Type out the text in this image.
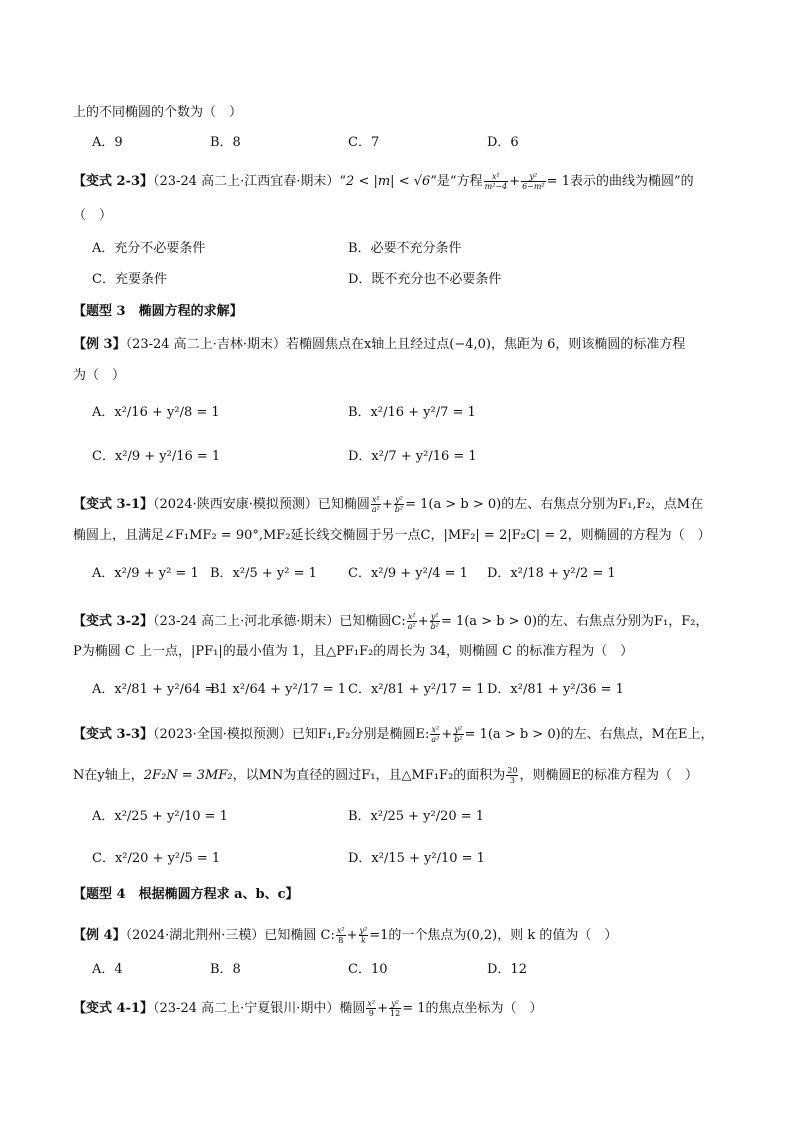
上的不同椭圆的个数为（　）
A．9	B．8	C．7	D．6
【变式 2-3】（23-24 高二上·江西宜春·期末）“2 < |m| < √6”是“方程 $\frac{\text{x²}}{\text{m²−4}} + \frac{\text{y²}}{\text{6−m²}} = 1$表示的曲线为椭圆”的
（　）
A．充分不必要条件	B．必要不充分条件
C．充要条件	D．既不充分也不必要条件
【题型 3　椭圆方程的求解】
【例 3】（23-24 高二上·吉林·期末）若椭圆焦点在x轴上且经过点(−4,0)，焦距为 6，则该椭圆的标准方程
为（　）
A．x²/16 + y²/8 = 1	B．x²/16 + y²/7 = 1
C．x²/9 + y²/16 = 1	D．x²/7 + y²/16 = 1
【变式 3-1】（2024·陕西安康·模拟预测）已知椭圆 $\frac{\text{x²}}{\text{a²}} + \frac{\text{y²}}{\text{b²}} = 1(a > b > 0)$的左、右焦点分别为F₁,F₂，点M在
椭圆上，且满足∠F₁MF₂ = 90°,MF₂延长线交椭圆于另一点C，|MF₂| = 2|F₂C| = 2，则椭圆的方程为（　）
A．x²/9 + y² = 1 B．x²/5 + y² = 1 C．x²/9 + y²/4 = 1 D．x²/18 + y²/2 = 1
【变式 3-2】（23-24 高二上·河北承德·期末）已知椭圆C: $\frac{\text{x²}}{\text{a²}} + \frac{\text{y²}}{\text{b²}} = 1(a > b > 0)$的左、右焦点分别为F₁，F₂，
P为椭圆 C 上一点，|PF₁|的最小值为 1，且△PF₁F₂的周长为 34，则椭圆 C 的标准方程为（　）
A．x²/81 + y²/64 = 1
B．x²/64 + y²/17 = 1 C．x²/81 + y²/17 = 1 D．x²/81 + y²/36 = 1
【变式 3-3】（2023·全国·模拟预测）已知F₁,F₂分别是椭圆E: $\frac{\text{x²}}{\text{a²}} + \frac{\text{y²}}{\text{b²}} = 1(a > b > 0)$的左、右焦点，M在E上，
N在y轴上，2F₂N = 3MF₂，以MN为直径的圆过F₁，且△MF₁F₂的面积为 $\frac{20}{3}$ ，则椭圆E的标准方程为（　）
A．x²/25 + y²/10 = 1	B．x²/25 + y²/20 = 1
C．x²/20 + y²/5 = 1	D．x²/15 + y²/10 = 1
【题型 4　根据椭圆方程求 a、b、c】
【例 4】（2024·湖北荆州·三模）已知椭圆 C: $\frac{\text{x²}}{8} + \frac{\text{y²}}{k} =1$的一个焦点为(0,2)，则 k 的值为（　）
A．4	B．8	C．10	D．12
【变式 4-1】（23-24 高二上·宁夏银川·期中）椭圆 $\frac{\text{x²}}{9} + \frac{\text{y²}}{12} = 1$的焦点坐标为（　）
